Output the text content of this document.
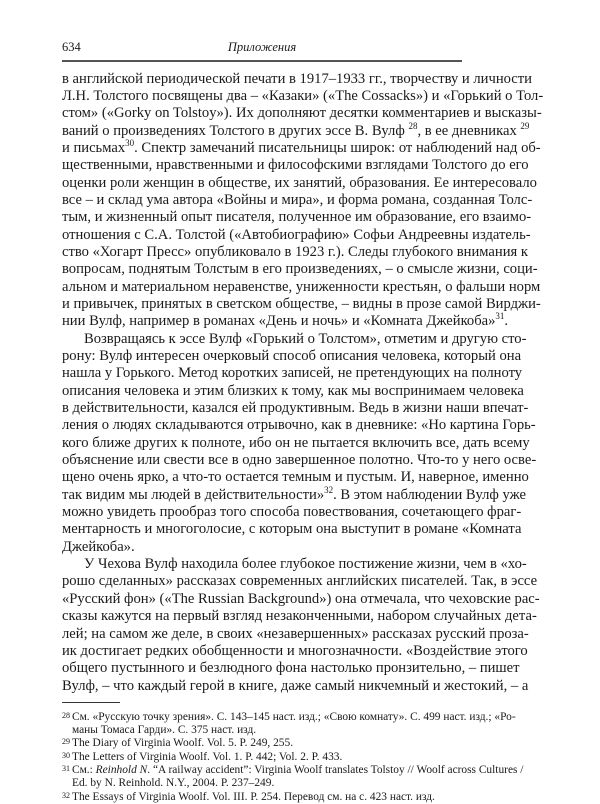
634	Приложения
в английской периодической печати в 1917–1933 гг., творчеству и личности
Л.Н. Толстого посвящены два – «Казаки» («The Cossacks») и «Горький о Тол-
стом» («Gorky on Tolstoy»). Их дополняют десятки комментариев и высказы-
ваний о произведениях Толстого в других эссе В. Вулф $^{28}$, в ее дневниках $^{29}$
и письмах$^{30}$. Спектр замечаний писательницы широк: от наблюдений над об-
щественными, нравственными и философскими взглядами Толстого до его
оценки роли женщин в обществе, их занятий, образования. Ее интересовало
все – и склад ума автора «Войны и мира», и форма романа, созданная Толс-
тым, и жизненный опыт писателя, полученное им образование, его взаимо-
отношения с С.А. Толстой («Автобиографию» Софьи Андреевны издатель-
ство «Хогарт Пресс» опубликовало в 1923 г.). Следы глубокого внимания к
вопросам, поднятым Толстым в его произведениях, – о смысле жизни, соци-
альном и материальном неравенстве, униженности крестьян, о фальши норм
и привычек, принятых в светском обществе, – видны в прозе самой Вирджи-
нии Вулф, например в романах «День и ночь» и «Комната Джейкоба»$^{31}$.
Возвращаясь к эссе Вулф «Горький о Толстом», отметим и другую сто-
рону: Вулф интересен очерковый способ описания человека, который она
нашла у Горького. Метод коротких записей, не претендующих на полноту
описания человека и этим близких к тому, как мы воспринимаем человека
в действительности, казался ей продуктивным. Ведь в жизни наши впечат-
ления о людях складываются отрывочно, как в дневнике: «Но картина Горь-
кого ближе других к полноте, ибо он не пытается включить все, дать всему
объяснение или свести все в одно завершенное полотно. Что-то у него осве-
щено очень ярко, а что-то остается темным и пустым. И, наверное, именно
так видим мы людей в действительности»$^{32}$. В этом наблюдении Вулф уже
можно увидеть прообраз того способа повествования, сочетающего фраг-
ментарность и многоголосие, с которым она выступит в романе «Комната
Джейкоба».
У Чехова Вулф находила более глубокое постижение жизни, чем в «хо-
рошо сделанных» рассказах современных английских писателей. Так, в эссе
«Русский фон» («The Russian Background») она отмечала, что чеховские рас-
сказы кажутся на первый взгляд незаконченными, набором случайных дета-
лей; на самом же деле, в своих «незавершенных» рассказах русский проза-
ик достигает редких обобщенности и многозначности. «Воздействие этого
общего пустынного и безлюдного фона настолько пронзительно, – пишет
Вулф, – что каждый герой в книге, даже самый никчемный и жестокий, – а
28 См. «Русскую точку зрения». С. 143–145 наст. изд.; «Свою комнату». С. 499 наст. изд.; «Ро-
маны Томаса Гарди». С. 375 наст. изд.
29 The Diary of Virginia Woolf. Vol. 5. P. 249, 255.
30 The Letters of Virginia Woolf. Vol. 1. P. 442; Vol. 2. P. 433.
31 См.: Reinhold N. “A railway accident”: Virginia Woolf translates Tolstoy // Woolf across Cultures /
Ed. by N. Reinhold. N.Y., 2004. P. 237–249.
32 The Essays of Virginia Woolf. Vol. III. P. 254. Перевод см. на с. 423 наст. изд.
